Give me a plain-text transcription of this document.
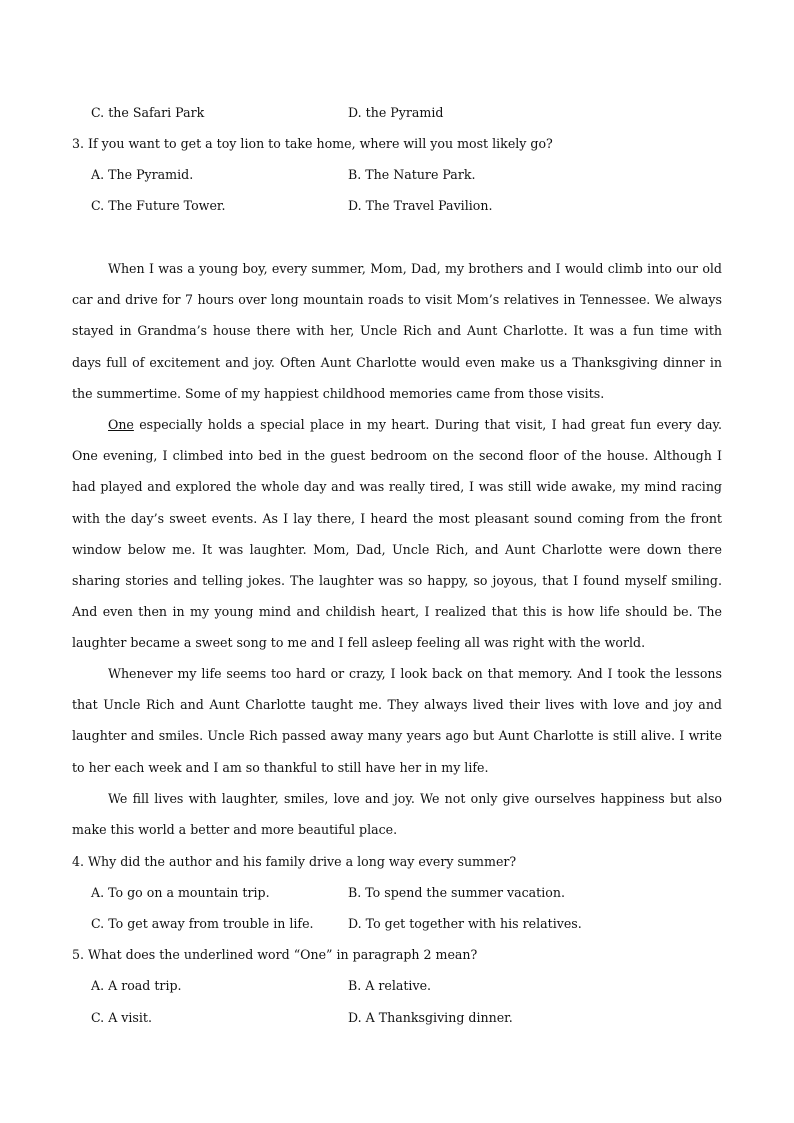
C. the Safari Park	D. the Pyramid
3. If you want to get a toy lion to take home, where will you most likely go?
A. The Pyramid.	B. The Nature Park.
C. The Future Tower.	D. The Travel Pavilion.

When I was a young boy, every summer, Mom, Dad, my brothers and I would climb into our old car and drive for 7 hours over long mountain roads to visit Mom’s relatives in Tennessee. We always stayed in Grandma’s house there with her, Uncle Rich and Aunt Charlotte. It was a fun time with days full of excitement and joy. Often Aunt Charlotte would even make us a Thanksgiving dinner in the summertime. Some of my happiest childhood memories came from those visits.

One especially holds a special place in my heart. During that visit, I had great fun every day. One evening, I climbed into bed in the guest bedroom on the second floor of the house. Although I had played and explored the whole day and was really tired, I was still wide awake, my mind racing with the day’s sweet events. As I lay there, I heard the most pleasant sound coming from the front window below me. It was laughter. Mom, Dad, Uncle Rich, and Aunt Charlotte were down there sharing stories and telling jokes. The laughter was so happy, so joyous, that I found myself smiling. And even then in my young mind and childish heart, I realized that this is how life should be. The laughter became a sweet song to me and I fell asleep feeling all was right with the world.

Whenever my life seems too hard or crazy, I look back on that memory. And I took the lessons that Uncle Rich and Aunt Charlotte taught me. They always lived their lives with love and joy and laughter and smiles. Uncle Rich passed away many years ago but Aunt Charlotte is still alive. I write to her each week and I am so thankful to still have her in my life.

We fill lives with laughter, smiles, love and joy. We not only give ourselves happiness but also make this world a better and more beautiful place.

4. Why did the author and his family drive a long way every summer?
A. To go on a mountain trip.	B. To spend the summer vacation.
C. To get away from trouble in life.	D. To get together with his relatives.
5. What does the underlined word “One” in paragraph 2 mean?
A. A road trip.	B. A relative.
C. A visit.	D. A Thanksgiving dinner.
